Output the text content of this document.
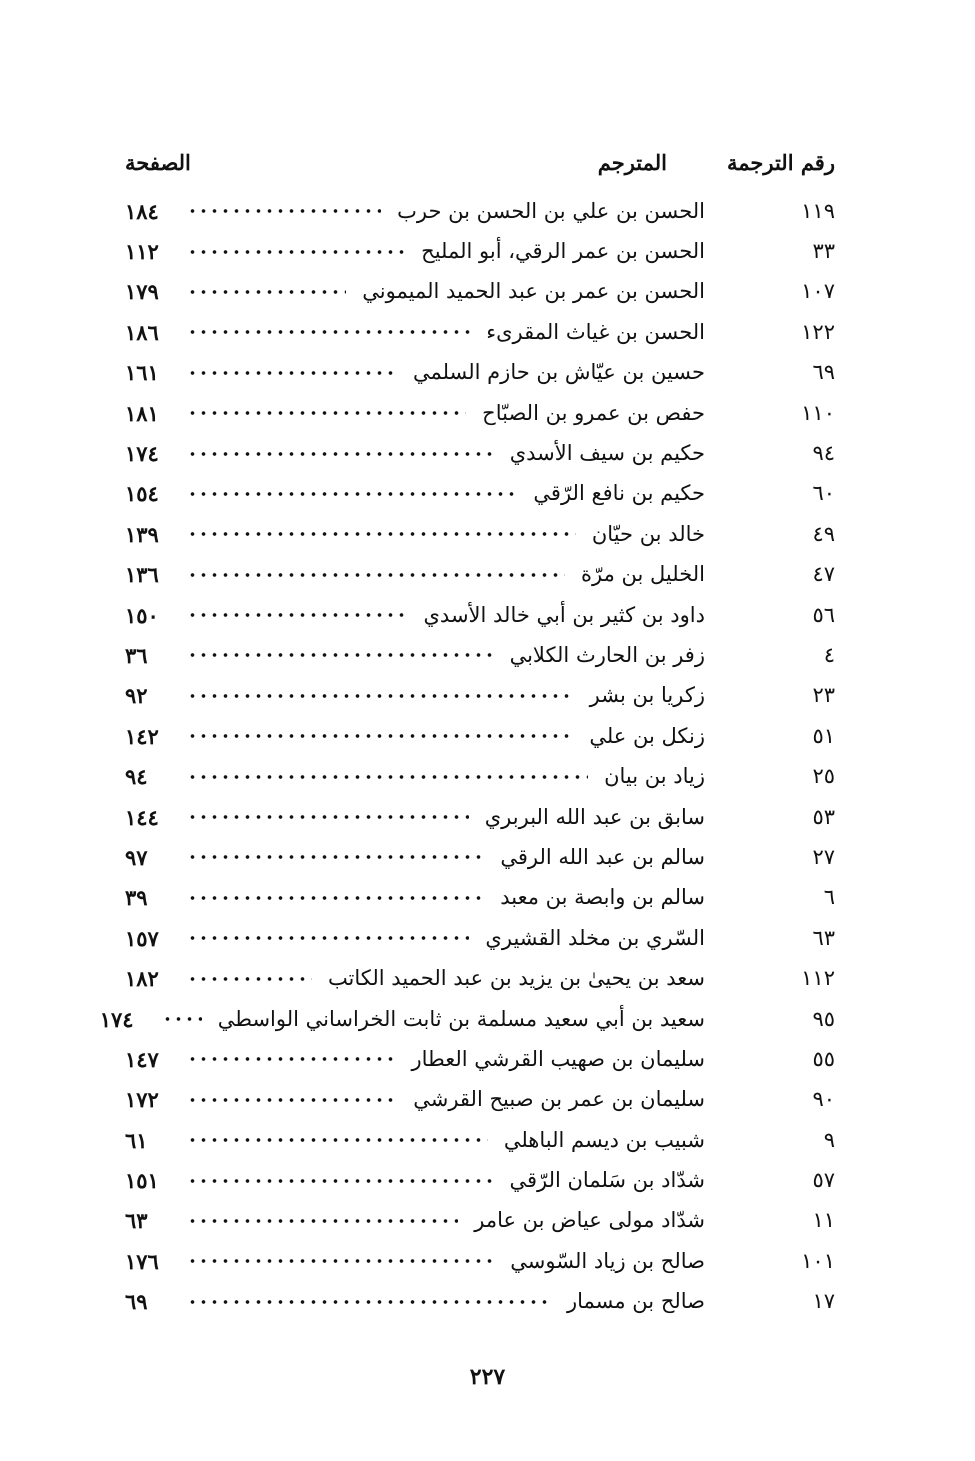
رقم الترجمة
المترجم
الصفحة
١١٩
الحسن بن علي بن الحسن بن حرب
١٨٤
٣٣
الحسن بن عمر الرقي، أبو المليح
١١٢
١٠٧
الحسن بن عمر بن عبد الحميد الميموني
١٧٩
١٢٢
الحسن بن غياث المقرىء
١٨٦
٦٩
حسين بن عيّاش بن حازم السلمي
١٦١
١١٠
حفص بن عمرو بن الصبّاح
١٨١
٩٤
حكيم بن سيف الأسدي
١٧٤
٦٠
حكيم بن نافع الرّقي
١٥٤
٤٩
خالد بن حيّان
١٣٩
٤٧
الخليل بن مرّة
١٣٦
٥٦
داود بن كثير بن أبي خالد الأسدي
١٥٠
٤
زفر بن الحارث الكلابي
٣٦
٢٣
زكريا بن بشر
٩٢
٥١
زنكل بن علي
١٤٢
٢٥
زياد بن بيان
٩٤
٥٣
سابق بن عبد الله البربري
١٤٤
٢٧
سالم بن عبد الله الرقي
٩٧
٦
سالم بن وابصة بن معبد
٣٩
٦٣
السّري بن مخلد القشيري
١٥٧
١١٢
سعد بن يحيىٰ بن يزيد بن عبد الحميد الكاتب
١٨٢
٩٥
سعيد بن أبي سعيد مسلمة بن ثابت الخراساني الواسطي
١٧٤
٥٥
سليمان بن صهيب القرشي العطار
١٤٧
٩٠
سليمان بن عمر بن صبيح القرشي
١٧٢
٩
شبيب بن ديسم الباهلي
٦١
٥٧
شدّاد بن سَلمان الرّقي
١٥١
١١
شدّاد مولى عياض بن عامر
٦٣
١٠١
صالح بن زياد السّوسي
١٧٦
١٧
صالح بن مسمار
٦٩
٢٢٧
